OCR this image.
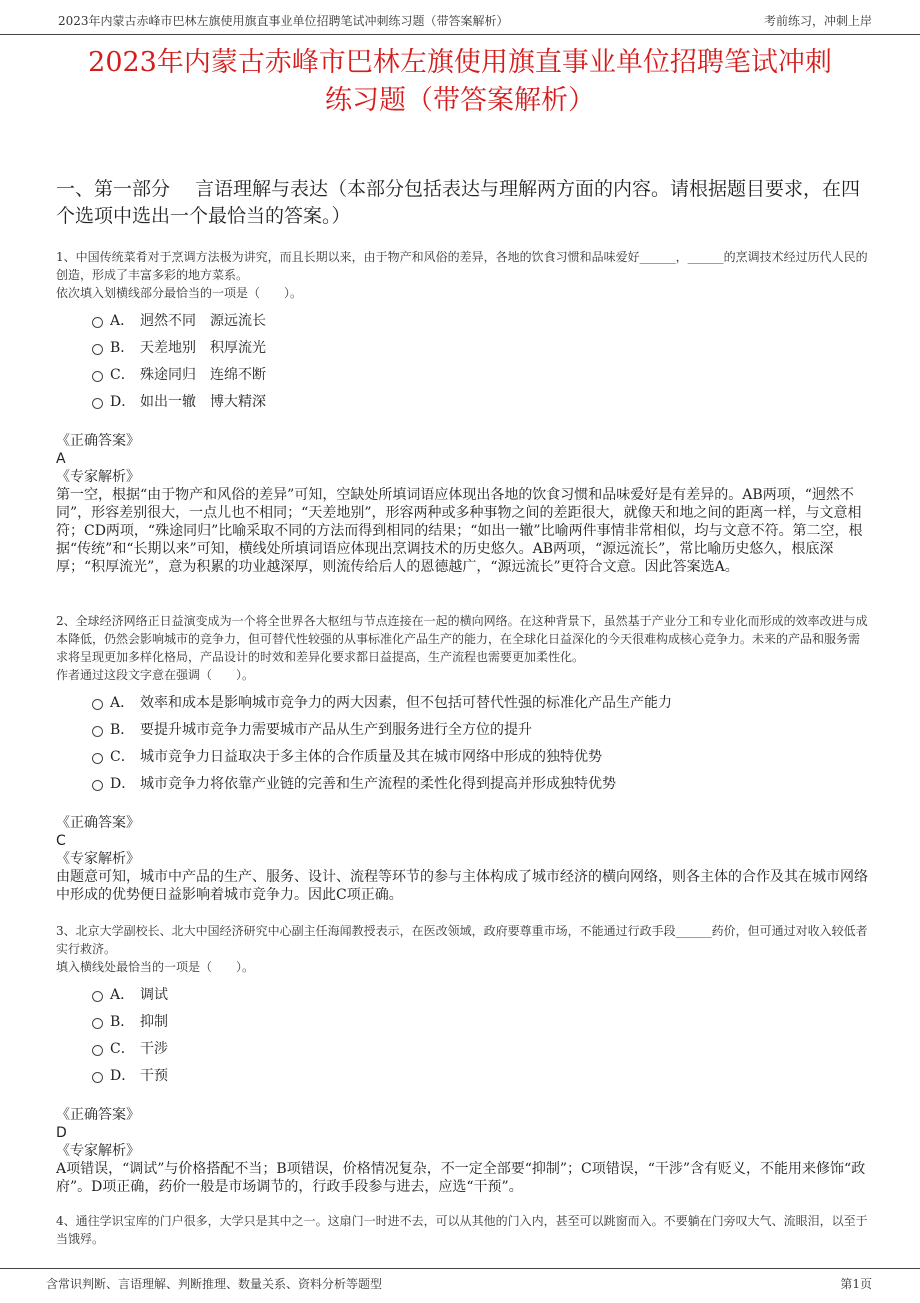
2023年内蒙古赤峰市巴林左旗使用旗直事业单位招聘笔试冲刺练习题（带答案解析）	考前练习，冲刺上岸
2023年内蒙古赤峰市巴林左旗使用旗直事业单位招聘笔试冲刺
练习题（带答案解析）
一、第一部分　 言语理解与表达（本部分包括表达与理解两方面的内容。请根据题目要求，在四个选项中选出一个最恰当的答案。）

1、中国传统菜肴对于烹调方法极为讲究，而且长期以来，由于物产和风俗的差异，各地的饮食习惯和品味爱好______，______的烹调技术经过历代人民的创造，形成了丰富多彩的地方菜系。

依次填入划横线部分最恰当的一项是（　　）。

A． 迥然不同　源远流长
B． 天差地别　积厚流光
C． 殊途同归　连绵不断
D． 如出一辙　博大精深

《正确答案》

A

《专家解析》

第一空，根据“由于物产和风俗的差异”可知，空缺处所填词语应体现出各地的饮食习惯和品味爱好是有差异的。AB两项，“迥然不同”，形容差别很大，一点儿也不相同；“天差地别”，形容两种或多种事物之间的差距很大，就像天和地之间的距离一样，与文意相符；CD两项，“殊途同归”比喻采取不同的方法而得到相同的结果；“如出一辙”比喻两件事情非常相似，均与文意不符。第二空，根据“传统”和“长期以来”可知，横线处所填词语应体现出烹调技术的历史悠久。AB两项，“源远流长”，常比喻历史悠久，根底深厚；“积厚流光”，意为积累的功业越深厚，则流传给后人的恩德越广，“源远流长”更符合文意。因此答案选A。

2、全球经济网络正日益演变成为一个将全世界各大枢纽与节点连接在一起的横向网络。在这种背景下，虽然基于产业分工和专业化而形成的效率改进与成本降低，仍然会影响城市的竞争力，但可替代性较强的从事标准化产品生产的能力，在全球化日益深化的今天很难构成核心竞争力。未来的产品和服务需求将呈现更加多样化格局，产品设计的时效和差异化要求都日益提高，生产流程也需要更加柔性化。

作者通过这段文字意在强调（　　）。

A． 效率和成本是影响城市竞争力的两大因素，但不包括可替代性强的标准化产品生产能力
B． 要提升城市竞争力需要城市产品从生产到服务进行全方位的提升
C． 城市竞争力日益取决于多主体的合作质量及其在城市网络中形成的独特优势
D． 城市竞争力将依靠产业链的完善和生产流程的柔性化得到提高并形成独特优势

《正确答案》

C

《专家解析》

由题意可知，城市中产品的生产、服务、设计、流程等环节的参与主体构成了城市经济的横向网络，则各主体的合作及其在城市网络中形成的优势便日益影响着城市竞争力。因此C项正确。

3、北京大学副校长、北大中国经济研究中心副主任海闻教授表示，在医改领域，政府要尊重市场，不能通过行政手段______药价，但可通过对收入较低者实行救济。

填入横线处最恰当的一项是（　　）。

A． 调试
B． 抑制
C． 干涉
D． 干预

《正确答案》

D

《专家解析》

A项错误，“调试”与价格搭配不当；B项错误，价格情况复杂，不一定全部要“抑制”；C项错误，“干涉”含有贬义，不能用来修饰“政府”。D项正确，药价一般是市场调节的，行政手段参与进去，应选“干预”。

4、通往学识宝库的门户很多，大学只是其中之一。这扇门一时进不去，可以从其他的门入内，甚至可以跳窗而入。不要躺在门旁叹大气、流眼泪，以至于当饿殍。

含常识判断、言语理解、判断推理、数量关系、资料分析等题型	第1页
